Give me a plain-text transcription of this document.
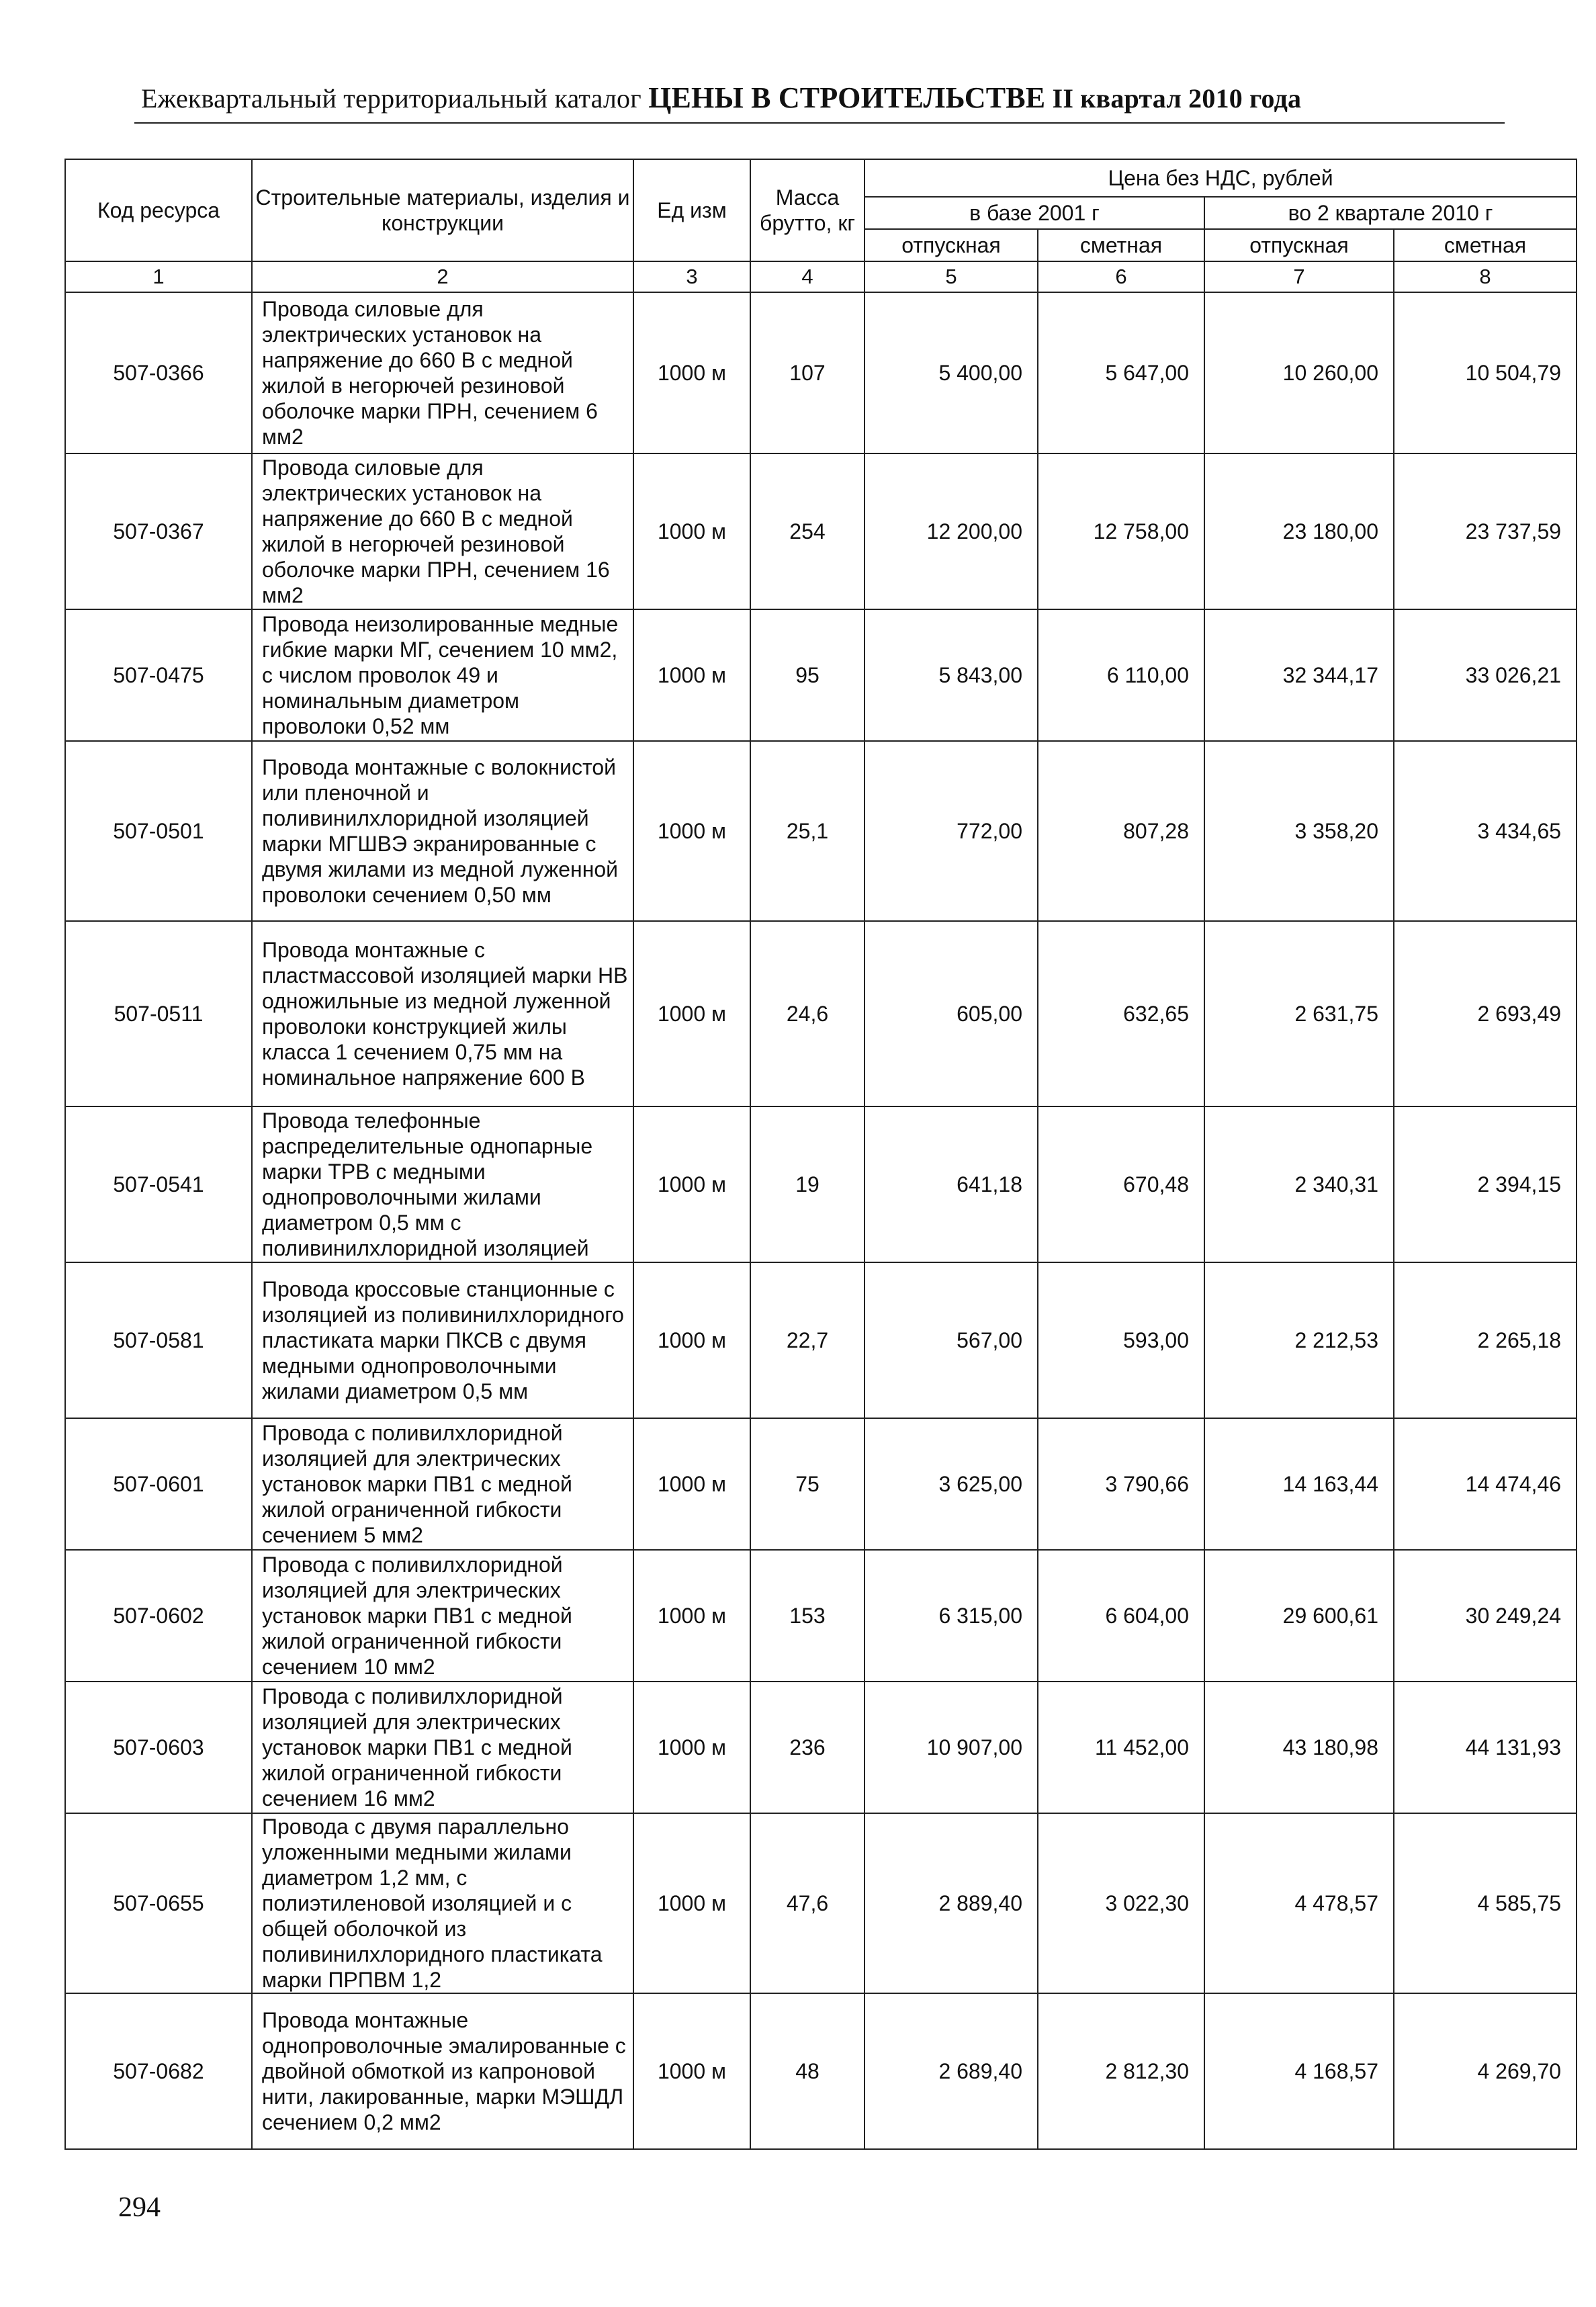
Ежеквартальный территориальный каталог ЦЕНЫ В СТРОИТЕЛЬСТВЕ II квартал 2010 года
Код ресурса	Строительные материалы, изделия и конструкции	Ед изм	Масса брутто, кг	Цена без НДС, рублей			
				в базе 2001 г		во 2 квартале 2010 г	
				отпускная	сметная	отпускная	сметная
1	2	3	4	5	6	7	8
507-0366	Провода силовые для электрических установок на напряжение до 660 В с медной жилой в негорючей резиновой оболочке марки ПРН, сечением 6 мм2	1000 м	107	5 400,00	5 647,00	10 260,00	10 504,79
507-0367	Провода силовые для электрических установок на напряжение до 660 В с медной жилой в негорючей резиновой оболочке марки ПРН, сечением 16 мм2	1000 м	254	12 200,00	12 758,00	23 180,00	23 737,59
507-0475	Провода неизолированные медные гибкие марки МГ, сечением 10 мм2, с числом проволок 49 и номинальным диаметром проволоки 0,52 мм	1000 м	95	5 843,00	6 110,00	32 344,17	33 026,21
507-0501	Провода монтажные с волокнистой или пленочной и поливинилхлоридной изоляцией марки МГШВЭ экранированные с двумя жилами из медной луженной проволоки сечением 0,50 мм	1000 м	25,1	772,00	807,28	3 358,20	3 434,65
507-0511	Провода монтажные с пластмассовой изоляцией марки НВ одножильные из медной луженной проволоки конструкцией жилы класса 1 сечением 0,75 мм на номинальное напряжение 600 В	1000 м	24,6	605,00	632,65	2 631,75	2 693,49
507-0541	Провода телефонные распределительные однопарные марки ТРВ с медными однопроволочными жилами диаметром 0,5 мм с поливинилхлоридной изоляцией	1000 м	19	641,18	670,48	2 340,31	2 394,15
507-0581	Провода кроссовые станционные с изоляцией из поливинилхлоридного пластиката марки ПКСВ с двумя медными однопроволочными жилами диаметром 0,5 мм	1000 м	22,7	567,00	593,00	2 212,53	2 265,18
507-0601	Провода с поливилхлоридной изоляцией для электрических установок марки ПВ1 с медной жилой ограниченной гибкости сечением 5 мм2	1000 м	75	3 625,00	3 790,66	14 163,44	14 474,46
507-0602	Провода с поливилхлоридной изоляцией для электрических установок марки ПВ1 с медной жилой ограниченной гибкости сечением 10 мм2	1000 м	153	6 315,00	6 604,00	29 600,61	30 249,24
507-0603	Провода с поливилхлоридной изоляцией для электрических установок марки ПВ1 с медной жилой ограниченной гибкости сечением 16 мм2	1000 м	236	10 907,00	11 452,00	43 180,98	44 131,93
507-0655	Провода с двумя параллельно уложенными медными жилами диаметром 1,2 мм, с полиэтиленовой изоляцией и с общей оболочкой из поливинилхлоридного пластиката марки ПРПВМ 1,2	1000 м	47,6	2 889,40	3 022,30	4 478,57	4 585,75
507-0682	Провода монтажные однопроволочные эмалированные с двойной обмоткой из капроновой нити, лакированные, марки МЭШДЛ сечением 0,2 мм2	1000 м	48	2 689,40	2 812,30	4 168,57	4 269,70
294
